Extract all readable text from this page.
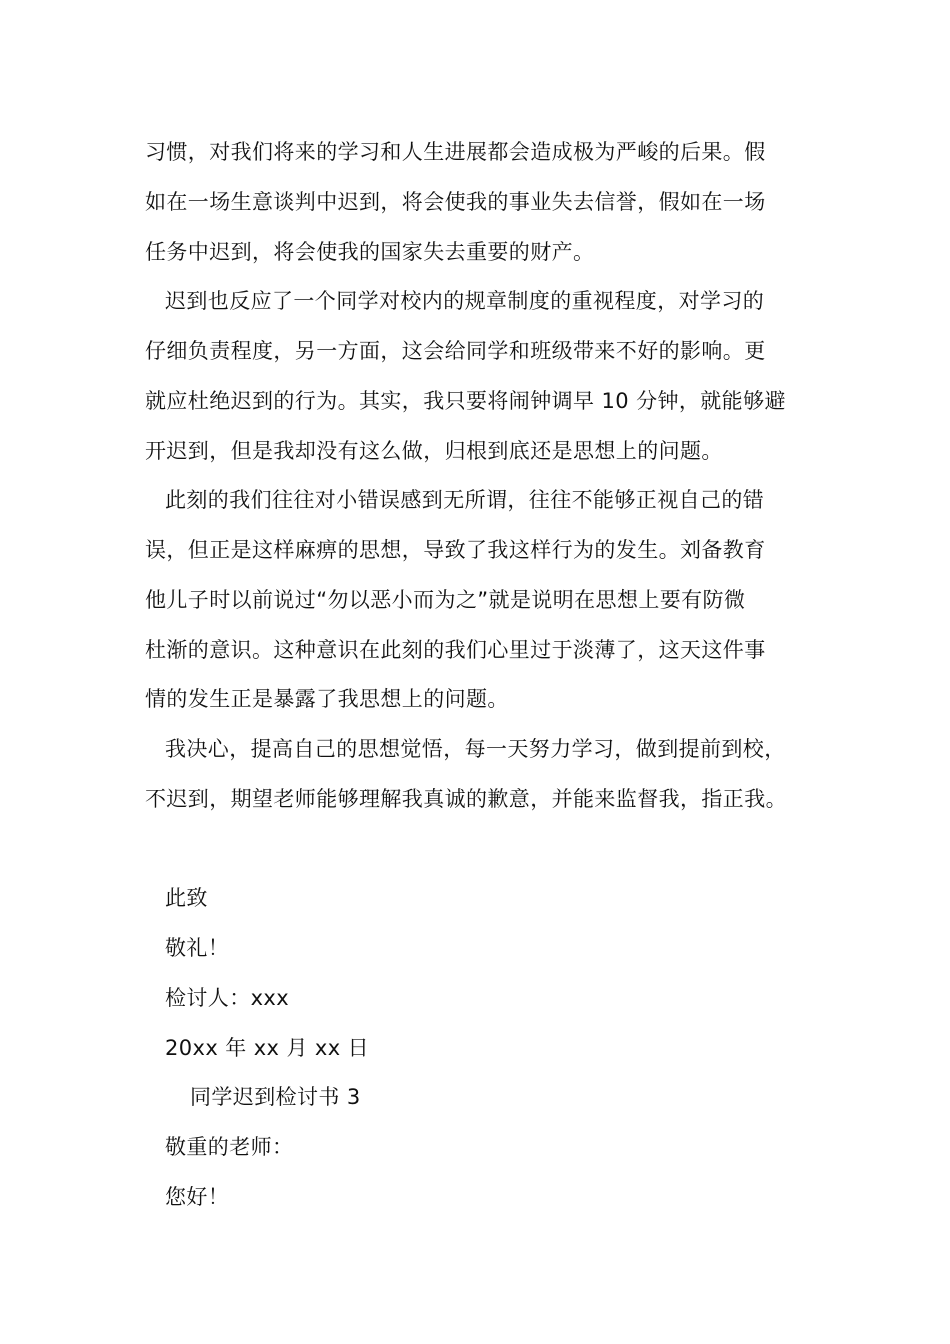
习惯，对我们将来的学习和人生进展都会造成极为严峻的后果。假
如在一场生意谈判中迟到，将会使我的事业失去信誉，假如在一场
任务中迟到，将会使我的国家失去重要的财产。
迟到也反应了一个同学对校内的规章制度的重视程度，对学习的
仔细负责程度，另一方面，这会给同学和班级带来不好的影响。更
就应杜绝迟到的行为。其实，我只要将闹钟调早 10 分钟，就能够避
开迟到，但是我却没有这么做，归根到底还是思想上的问题。
此刻的我们往往对小错误感到无所谓，往往不能够正视自己的错
误，但正是这样麻痹的思想，导致了我这样行为的发生。刘备教育
他儿子时以前说过“勿以恶小而为之”就是说明在思想上要有防微
杜渐的意识。这种意识在此刻的我们心里过于淡薄了，这天这件事
情的发生正是暴露了我思想上的问题。
我决心，提高自己的思想觉悟，每一天努力学习，做到提前到校，
不迟到，期望老师能够理解我真诚的歉意，并能来监督我，指正我。
此致
敬礼！
检讨人：xxx
20xx 年 xx 月 xx 日
同学迟到检讨书 3
敬重的老师：
您好！
